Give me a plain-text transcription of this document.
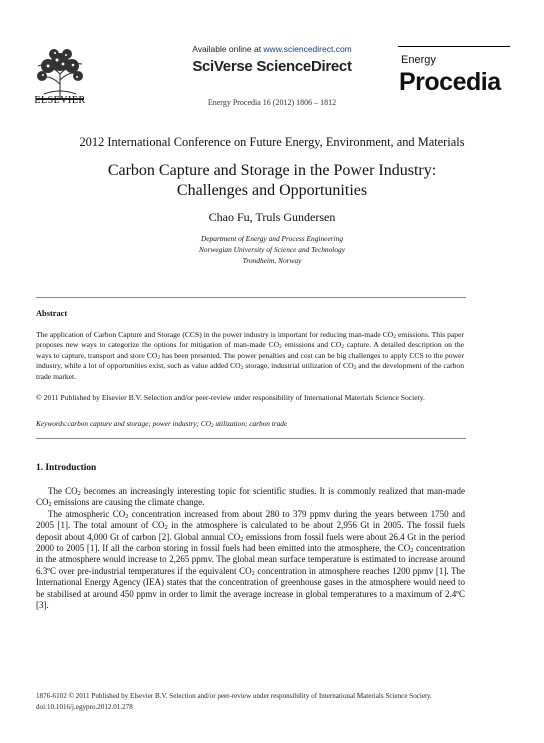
ELSEVIER
Available online at www.sciencedirect.com
SciVerse ScienceDirect
Energy Procedia 16 (2012) 1806 – 1812
Energy
Procedia
2012 International Conference on Future Energy, Environment, and Materials
Carbon Capture and Storage in the Power Industry:
Challenges and Opportunities
Chao Fu, Truls Gundersen
Department of Energy and Process Engineering
Norwegian University of Science and Technology
Trondheim, Norway
Abstract
The application of Carbon Capture and Storage (CCS) in the power industry is important for reducing man-made $CO_2$ emissions. This paper proposes new ways to categorize the options for mitigation of man-made $CO_2$ emissions and $CO_2$ capture. A detailed description on the ways to capture, transport and store $CO_2$ has been presented. The power penalties and cost can be big challenges to apply CCS to the power industry, while a lot of opportunities exist, such as value added $CO_2$ storage, industrial utilization of $CO_2$ and the development of the carbon trade market.
© 2011 Published by Elsevier B.V. Selection and/or peer-review under responsibility of International Materials Science Society.
Keywords:carbon capture and storage; power industry; $CO_2$ utilization; carbon trade
1. Introduction

The $CO_2$ becomes an increasingly interesting topic for scientific studies. It is commonly realized that man-made $CO_2$ emissions are causing the climate change.

The atmospheric $CO_2$ concentration increased from about 280 to 379 ppmv during the years between 1750 and 2005 [1]. The total amount of $CO_2$ in the atmosphere is calculated to be about 2,956 Gt in 2005. The fossil fuels deposit about 4,000 Gt of carbon [2]. Global annual $CO_2$ emissions from fossil fuels were about 26.4 Gt in the period 2000 to 2005 [1]. If all the carbon storing in fossil fuels had been emitted into the atmosphere, the $CO_2$ concentration in the atmosphere would increase to 2,265 ppmv. The global mean surface temperature is estimated to increase around 6.3ºC over pre-industrial temperatures if the equivalent $CO_2$ concentration in atmosphere reaches 1200 ppmv [1]. The International Energy Agency (IEA) states that the concentration of greenhouse gases in the atmosphere would need to be stabilised at around 450 ppmv in order to limit the average increase in global temperatures to a maximum of 2.4ºC [3].

1876-6102 © 2011 Published by Elsevier B.V. Selection and/or peer-review under responsibility of International Materials Science Society.
doi:10.1016/j.egypro.2012.01.278
